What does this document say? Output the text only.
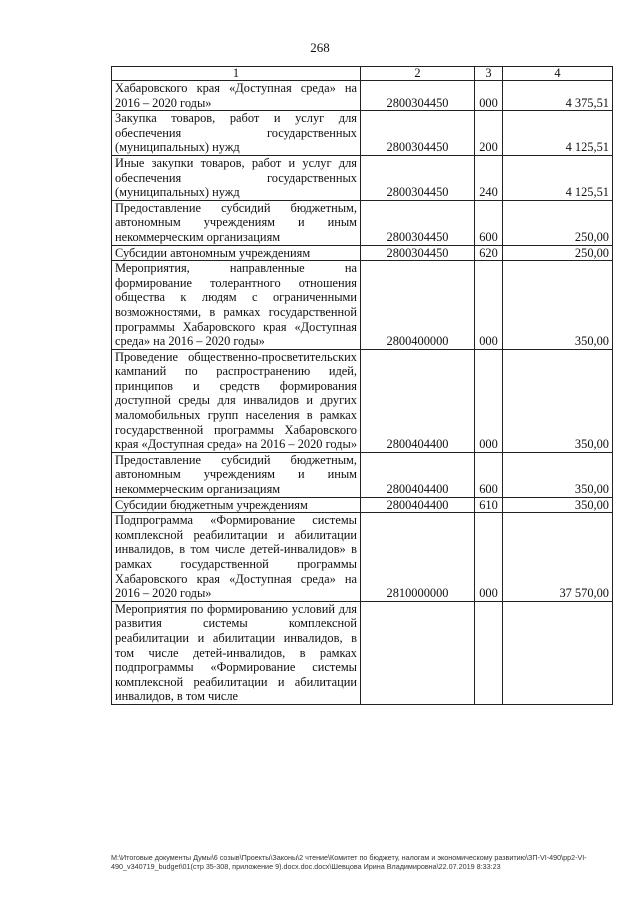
268
1	2	3	4
Хабаровского края «Доступная среда» на 2016 – 2020 годы»	2800304450	000	4 375,51
Закупка товаров, работ и услуг для обеспечения государственных (муниципальных) нужд	2800304450	200	4 125,51
Иные закупки товаров, работ и услуг для обеспечения государственных (муниципальных) нужд	2800304450	240	4 125,51
Предоставление субсидий бюджетным, автономным учреждениям и иным некоммерческим организациям	2800304450	600	250,00
Субсидии автономным учреждениям	2800304450	620	250,00
Мероприятия, направленные на формирование толерантного отношения общества к людям с ограниченными возможностями, в рамках государственной программы Хабаровского края «Доступная среда» на 2016 – 2020 годы»	2800400000	000	350,00
Проведение общественно-просветительских кампаний по распространению идей, принципов и средств формирования доступной среды для инвалидов и других маломобильных групп населения в рамках государственной программы Хабаровского края «Доступная среда» на 2016 – 2020 годы»	2800404400	000	350,00
Предоставление субсидий бюджетным, автономным учреждениям и иным некоммерческим организациям	2800404400	600	350,00
Субсидии бюджетным учреждениям	2800404400	610	350,00
Подпрограмма «Формирование системы комплексной реабилитации и абилитации инвалидов, в том числе детей-инвалидов» в рамках государственной программы Хабаровского края «Доступная среда» на 2016 – 2020 годы»	2810000000	000	37 570,00
Мероприятия по формированию условий для развития системы комплексной реабилитации и абилитации инвалидов, в том числе детей-инвалидов, в рамках подпрограммы «Формирование системы комплексной реабилитации и абилитации инвалидов, в том числе			
М:\Итоговые документы Думы\6 созыв\Проекты\Законы\2 чтение\Комитет по бюджету, налогам и экономическому развитию\ЗП-VI-490\рр2-VI-490_v340719_budget\01(стр 35-308, приложение 9).docx.doc.docx\Шевцова Ирина Владимировна\22.07.2019 8:33:23
